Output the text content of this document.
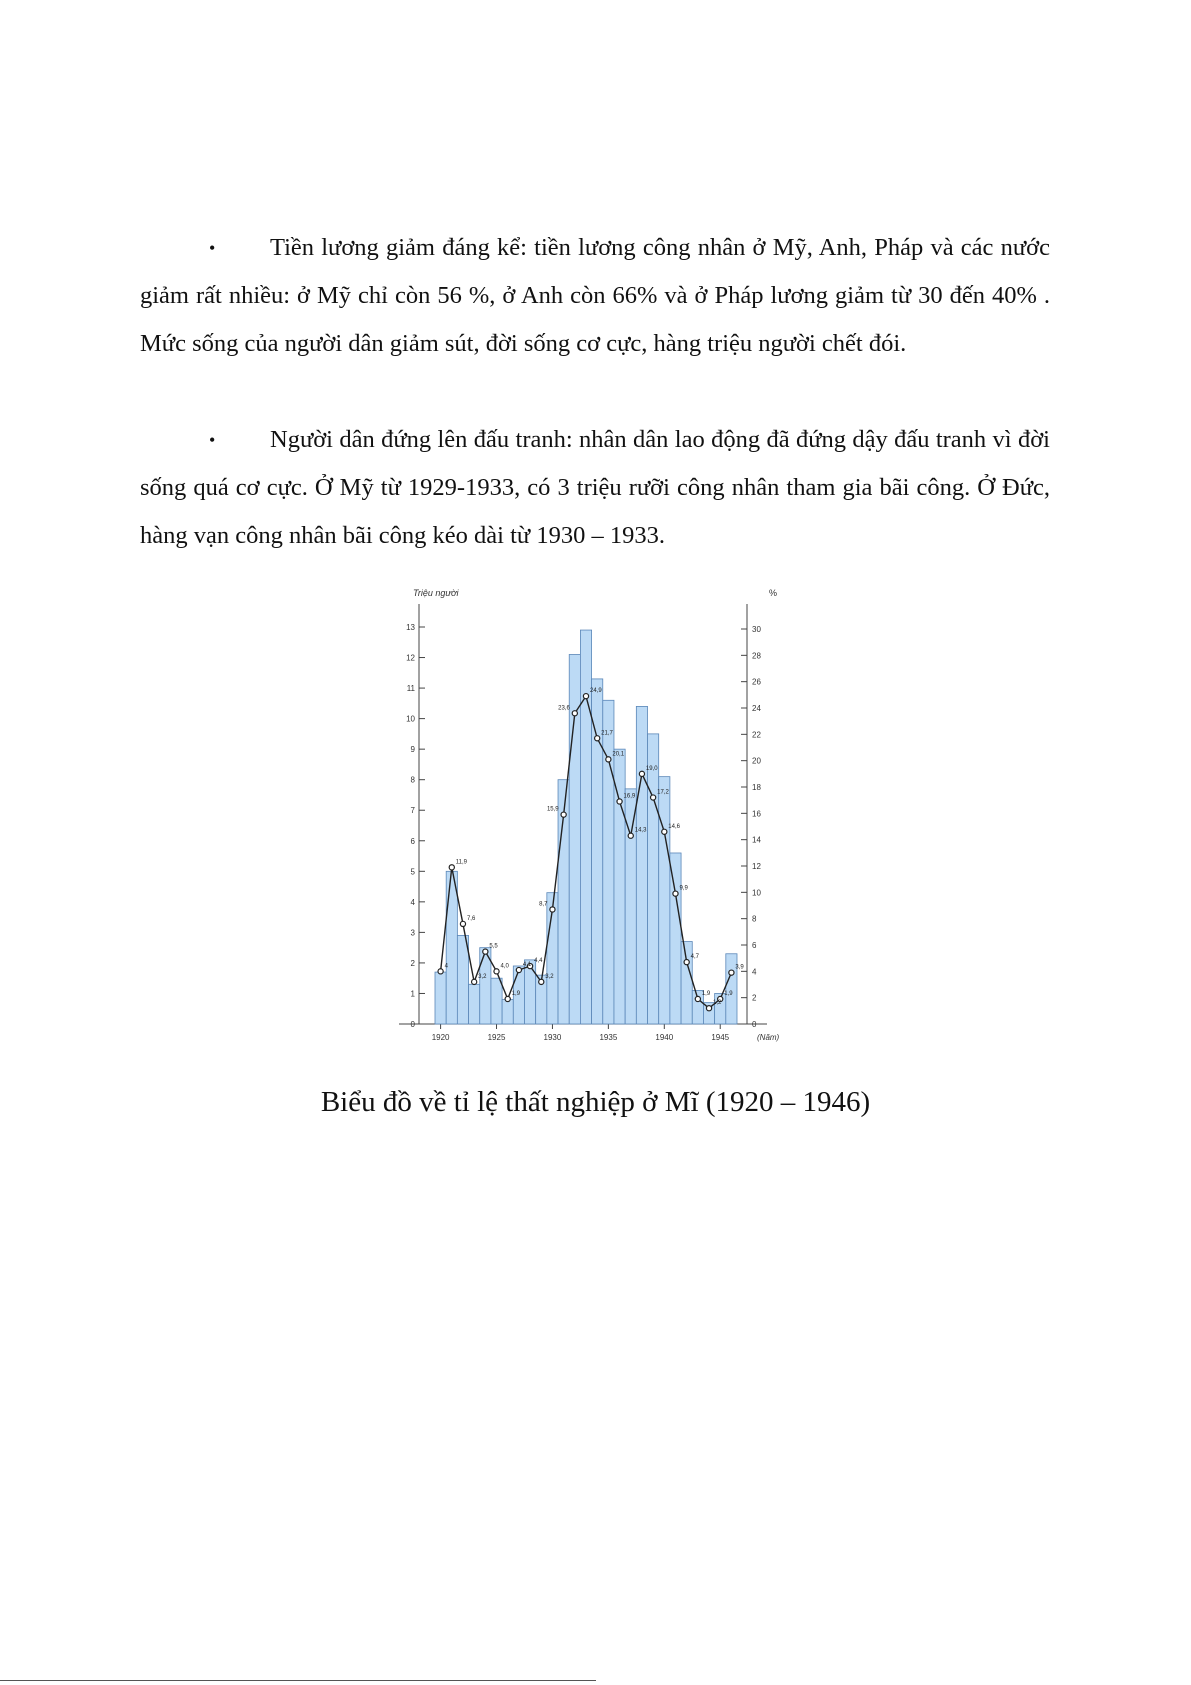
• Tiền lương giảm đáng kể: tiền lương công nhân ở Mỹ, Anh, Pháp và các nước giảm rất nhiều: ở Mỹ chỉ còn 56 %, ở Anh còn 66% và ở Pháp lương giảm từ 30 đến 40% . Mức sống của người dân giảm sút, đời sống cơ cực, hàng triệu người chết đói.

• Người dân đứng lên đấu tranh: nhân dân lao động đã đứng dậy đấu tranh vì đời sống quá cơ cực. Ở Mỹ từ 1929-1933, có 3 triệu rưỡi công nhân tham gia bãi công. Ở Đức, hàng vạn công nhân bãi công kéo dài từ 1930 – 1933.

Triệu người	%
(Năm)
0
1
2
3
4
5
6
7
8
9
10
11
12
13
0
2
4
6
8
10
12
14
16
18
20
22
24
26
28
30
1920	1925	1930	1935	1940	1945
4
11,9
7,6
3,2
5,5
4,0
1,9
4,1
4,4
3,2
8,7
15,9
23,6
24,9
21,7
20,1
16,9
14,3
19,0
17,2
14,6
9,9
4,7
1,9
1,2
1,9
3,9

Biểu đồ về tỉ lệ thất nghiệp ở Mĩ (1920 – 1946)
